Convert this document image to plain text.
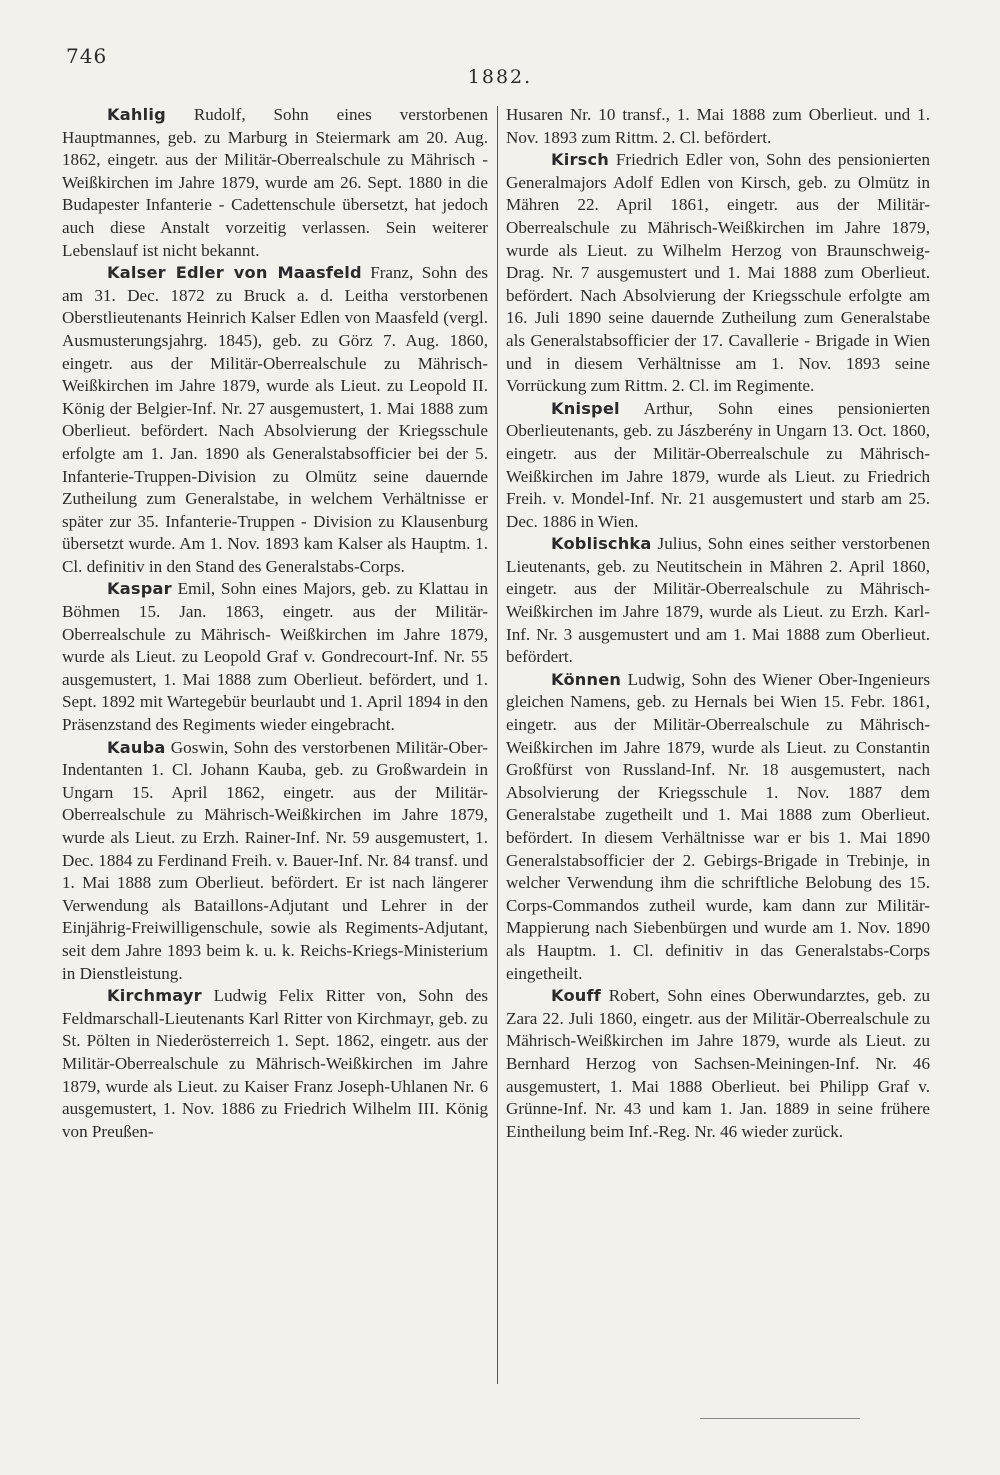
746
1882.

Kahlig Rudolf, Sohn eines verstorbenen Hauptmannes, geb. zu Marburg in Steiermark am 20. Aug. 1862, eingetr. aus der Militär-Oberrealschule zu Mährisch - Weißkirchen im Jahre 1879, wurde am 26. Sept. 1880 in die Budapester Infanterie - Cadettenschule übersetzt, hat jedoch auch diese Anstalt vorzeitig verlassen. Sein weiterer Lebenslauf ist nicht bekannt.

Kalser Edler von Maasfeld Franz, Sohn des am 31. Dec. 1872 zu Bruck a. d. Leitha verstorbenen Oberstlieutenants Heinrich Kalser Edlen von Maasfeld (vergl. Ausmusterungsjahrg. 1845), geb. zu Görz 7. Aug. 1860, eingetr. aus der Militär-Oberrealschule zu Mährisch-Weißkirchen im Jahre 1879, wurde als Lieut. zu Leopold II. König der Belgier-Inf. Nr. 27 ausgemustert, 1. Mai 1888 zum Oberlieut. befördert. Nach Absolvierung der Kriegsschule erfolgte am 1. Jan. 1890 als Generalstabsofficier bei der 5. Infanterie-Truppen-Division zu Olmütz seine dauernde Zutheilung zum Generalstabe, in welchem Verhältnisse er später zur 35. Infanterie-Truppen - Division zu Klausenburg übersetzt wurde. Am 1. Nov. 1893 kam Kalser als Hauptm. 1. Cl. definitiv in den Stand des Generalstabs-Corps.

Kaspar Emil, Sohn eines Majors, geb. zu Klattau in Böhmen 15. Jan. 1863, eingetr. aus der Militär-Oberrealschule zu Mährisch- Weißkirchen im Jahre 1879, wurde als Lieut. zu Leopold Graf v. Gondrecourt-Inf. Nr. 55 ausgemustert, 1. Mai 1888 zum Oberlieut. befördert, und 1. Sept. 1892 mit Wartegebür beurlaubt und 1. April 1894 in den Präsenzstand des Regiments wieder eingebracht.

Kauba Goswin, Sohn des verstorbenen Militär-Ober-Indentanten 1. Cl. Johann Kauba, geb. zu Großwardein in Ungarn 15. April 1862, eingetr. aus der Militär-Oberrealschule zu Mährisch-Weißkirchen im Jahre 1879, wurde als Lieut. zu Erzh. Rainer-Inf. Nr. 59 ausgemustert, 1. Dec. 1884 zu Ferdinand Freih. v. Bauer-Inf. Nr. 84 transf. und 1. Mai 1888 zum Oberlieut. befördert. Er ist nach längerer Verwendung als Bataillons-Adjutant und Lehrer in der Einjährig-Freiwilligenschule, sowie als Regiments-Adjutant, seit dem Jahre 1893 beim k. u. k. Reichs-Kriegs-Ministerium in Dienstleistung.

Kirchmayr Ludwig Felix Ritter von, Sohn des Feldmarschall-Lieutenants Karl Ritter von Kirchmayr, geb. zu St. Pölten in Niederösterreich 1. Sept. 1862, eingetr. aus der Militär-Oberrealschule zu Mährisch-Weißkirchen im Jahre 1879, wurde als Lieut. zu Kaiser Franz Joseph-Uhlanen Nr. 6 ausgemustert, 1. Nov. 1886 zu Friedrich Wilhelm III. König von Preußen-

Husaren Nr. 10 transf., 1. Mai 1888 zum Oberlieut. und 1. Nov. 1893 zum Rittm. 2. Cl. befördert.

Kirsch Friedrich Edler von, Sohn des pensionierten Generalmajors Adolf Edlen von Kirsch, geb. zu Olmütz in Mähren 22. April 1861, eingetr. aus der Militär-Oberrealschule zu Mährisch-Weißkirchen im Jahre 1879, wurde als Lieut. zu Wilhelm Herzog von Braunschweig-Drag. Nr. 7 ausgemustert und 1. Mai 1888 zum Oberlieut. befördert. Nach Absolvierung der Kriegsschule erfolgte am 16. Juli 1890 seine dauernde Zutheilung zum Generalstabe als Generalstabsofficier der 17. Cavallerie - Brigade in Wien und in diesem Verhältnisse am 1. Nov. 1893 seine Vorrückung zum Rittm. 2. Cl. im Regimente.

Knispel Arthur, Sohn eines pensionierten Oberlieutenants, geb. zu Jászberény in Ungarn 13. Oct. 1860, eingetr. aus der Militär-Oberrealschule zu Mährisch-Weißkirchen im Jahre 1879, wurde als Lieut. zu Friedrich Freih. v. Mondel-Inf. Nr. 21 ausgemustert und starb am 25. Dec. 1886 in Wien.

Koblischka Julius, Sohn eines seither verstorbenen Lieutenants, geb. zu Neutitschein in Mähren 2. April 1860, eingetr. aus der Militär-Oberrealschule zu Mährisch-Weißkirchen im Jahre 1879, wurde als Lieut. zu Erzh. Karl-Inf. Nr. 3 ausgemustert und am 1. Mai 1888 zum Oberlieut. befördert.

Können Ludwig, Sohn des Wiener Ober-Ingenieurs gleichen Namens, geb. zu Hernals bei Wien 15. Febr. 1861, eingetr. aus der Militär-Oberrealschule zu Mährisch-Weißkirchen im Jahre 1879, wurde als Lieut. zu Constantin Großfürst von Russland-Inf. Nr. 18 ausgemustert, nach Absolvierung der Kriegsschule 1. Nov. 1887 dem Generalstabe zugetheilt und 1. Mai 1888 zum Oberlieut. befördert. In diesem Verhältnisse war er bis 1. Mai 1890 Generalstabsofficier der 2. Gebirgs-Brigade in Trebinje, in welcher Verwendung ihm die schriftliche Belobung des 15. Corps-Commandos zutheil wurde, kam dann zur Militär-Mappierung nach Siebenbürgen und wurde am 1. Nov. 1890 als Hauptm. 1. Cl. definitiv in das Generalstabs-Corps eingetheilt.

Kouff Robert, Sohn eines Oberwundarztes, geb. zu Zara 22. Juli 1860, eingetr. aus der Militär-Oberrealschule zu Mährisch-Weißkirchen im Jahre 1879, wurde als Lieut. zu Bernhard Herzog von Sachsen-Meiningen-Inf. Nr. 46 ausgemustert, 1. Mai 1888 Oberlieut. bei Philipp Graf v. Grünne-Inf. Nr. 43 und kam 1. Jan. 1889 in seine frühere Eintheilung beim Inf.-Reg. Nr. 46 wieder zurück.
